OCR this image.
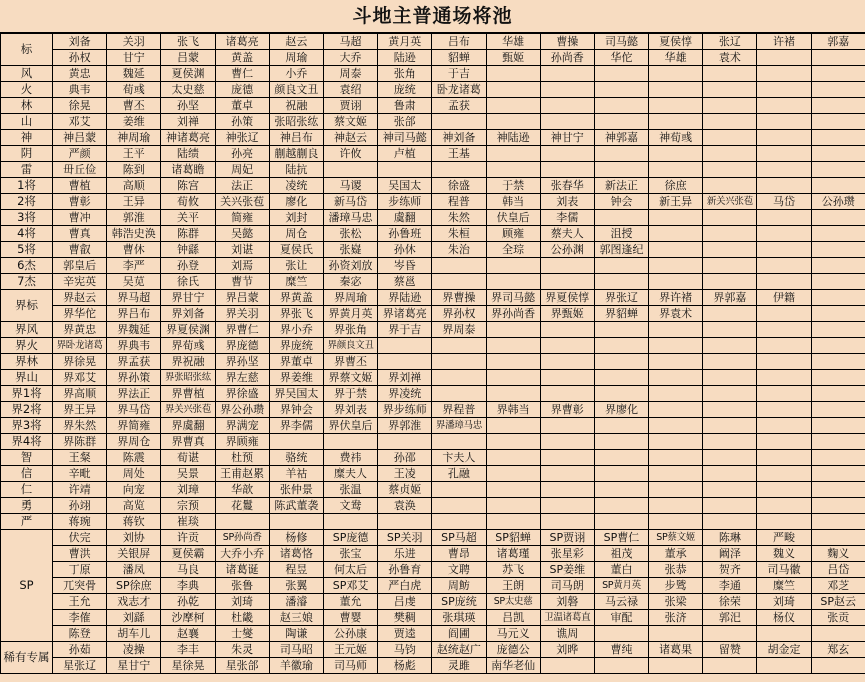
斗地主普通场将池
标	刘备	关羽	张飞	诸葛亮	赵云	马超	黄月英	吕布	华雄	曹操	司马懿	夏侯惇	张辽	许褚	郭嘉
	孙权	甘宁	吕蒙	黄盖	周瑜	大乔	陆逊	貂蝉	甄姬	孙尚香	华佗	华雄	袁术		
风	黄忠	魏延	夏侯渊	曹仁	小乔	周泰	张角	于吉							
火	典韦	荀彧	太史慈	庞德	颜良文丑	袁绍	庞统	卧龙诸葛							
林	徐晃	曹丕	孙坚	董卓	祝融	贾诩	鲁肃	孟获							
山	邓艾	姜维	刘禅	孙策	张昭张纮	蔡文姬	张郃								
神	神吕蒙	神周瑜	神诸葛亮	神张辽	神吕布	神赵云	神司马懿	神刘备	神陆逊	神甘宁	神郭嘉	神荀彧			
阴	严颜	王平	陆绩	孙亮	蒯越蒯良	许攸	卢植	王基							
雷	毌丘俭	陈到	诸葛瞻	周妃	陆抗										
1将	曹植	高顺	陈宫	法正	凌统	马谡	吴国太	徐盛	于禁	张春华	新法正	徐庶			
2将	曹彰	王异	荀攸	关兴张苞	廖化	新马岱	步练师	程普	韩当	刘表	钟会	新王异	新关兴张苞	马岱	公孙瓒
3将	曹冲	郭淮	关平	简雍	刘封	潘璋马忠	虞翻	朱然	伏皇后	李儒					
4将	曹真	韩浩史涣	陈群	吴懿	周仓	张松	孙鲁班	朱桓	顾雍	蔡夫人	沮授				
5将	曹叡	曹休	钟繇	刘谌	夏侯氏	张嶷	孙休	朱治	全琮	公孙渊	郭图逢纪				
6杰	郭皇后	李严	孙登	刘焉	张让	孙资刘放	岑昏								
7杰	辛宪英	吴苋	徐氏	曹节	糜竺	秦宓	蔡邕								
界标	界赵云	界马超	界甘宁	界吕蒙	界黄盖	界周瑜	界陆逊	界曹操	界司马懿	界夏侯惇	界张辽	界许褚	界郭嘉	伊籍	
	界华佗	界吕布	界刘备	界关羽	界张飞	界黄月英	界诸葛亮	界孙权	界孙尚香	界甄姬	界貂蝉	界袁术			
界风	界黄忠	界魏延	界夏侯渊	界曹仁	界小乔	界张角	界于吉	界周泰							
界火	界卧龙诸葛	界典韦	界荀彧	界庞德	界庞统	界颜良文丑									
界林	界徐晃	界孟获	界祝融	界孙坚	界董卓	界曹丕									
界山	界邓艾	界孙策	界张昭张纮	界左慈	界姜维	界蔡文姬	界刘禅								
界1将	界高顺	界法正	界曹植	界徐盛	界吴国太	界于禁	界凌统								
界2将	界王异	界马岱	界关兴张苞	界公孙瓒	界钟会	界刘表	界步练师	界程普	界韩当	界曹彰	界廖化				
界3将	界朱然	界简雍	界虞翻	界满宠	界李儒	界伏皇后	界郭淮	界潘璋马忠							
界4将	界陈群	界周仓	界曹真	界顾雍											
智	王粲	陈震	荀谌	杜预	骆统	费祎	孙邵	卞夫人							
信	辛毗	周处	吴景	王甫赵累	羊祜	糜夫人	王凌	孔融							
仁	许靖	向宠	刘璋	华歆	张仲景	张温	蔡贞姬								
勇	孙翊	高览	宗预	花鬘	陈武董袭	文鸯	袁涣								
严	蒋琬	蒋钦	崔琰												
SP	伏完	刘协	许贡	SP孙尚香	杨修	SP庞德	SP关羽	SP马超	SP貂蝉	SP贾诩	SP曹仁	SP蔡文姬	陈琳	严畯	
	曹洪	关银屏	夏侯霸	大乔小乔	诸葛恪	张宝	乐进	曹昂	诸葛瑾	张星彩	祖茂	董承	阚泽	魏义	麴义
	丁原	潘凤	马良	诸葛诞	程昱	何太后	孙鲁育	文聘	苏飞	SP姜维	董白	张恭	贺齐	司马徽	吕岱
	兀突骨	SP徐庶	李典	张鲁	张翼	SP邓艾	严白虎	周鲂	王朗	司马朗	SP黄月英	步骘	李通	糜竺	邓芝
	王允	戏志才	孙乾	刘琦	潘濬	董允	吕虔	SP庞统	SP太史慈	刘磐	马云禄	张梁	徐荣	刘琦	SP赵云
	李傕	刘繇	沙摩柯	杜畿	赵三娘	曹婴	樊稠	张琪瑛	吕凯	卫温诸葛直	审配	张济	郭汜	杨仪	张贡
	陈登	胡车儿	赵襄	士燮	陶谦	公孙康	贾逵	阎圃	马元义	谯周					
稀有专属	孙茹	凌操	李丰	朱灵	司马昭	王元姬	马钧	赵统赵广	庞德公	刘晔	曹纯	诸葛果	留赞	胡金定	郑玄
	星张辽	星甘宁	星徐晃	星张郃	羊徽瑜	司马师	杨彪	灵雎	南华老仙						
